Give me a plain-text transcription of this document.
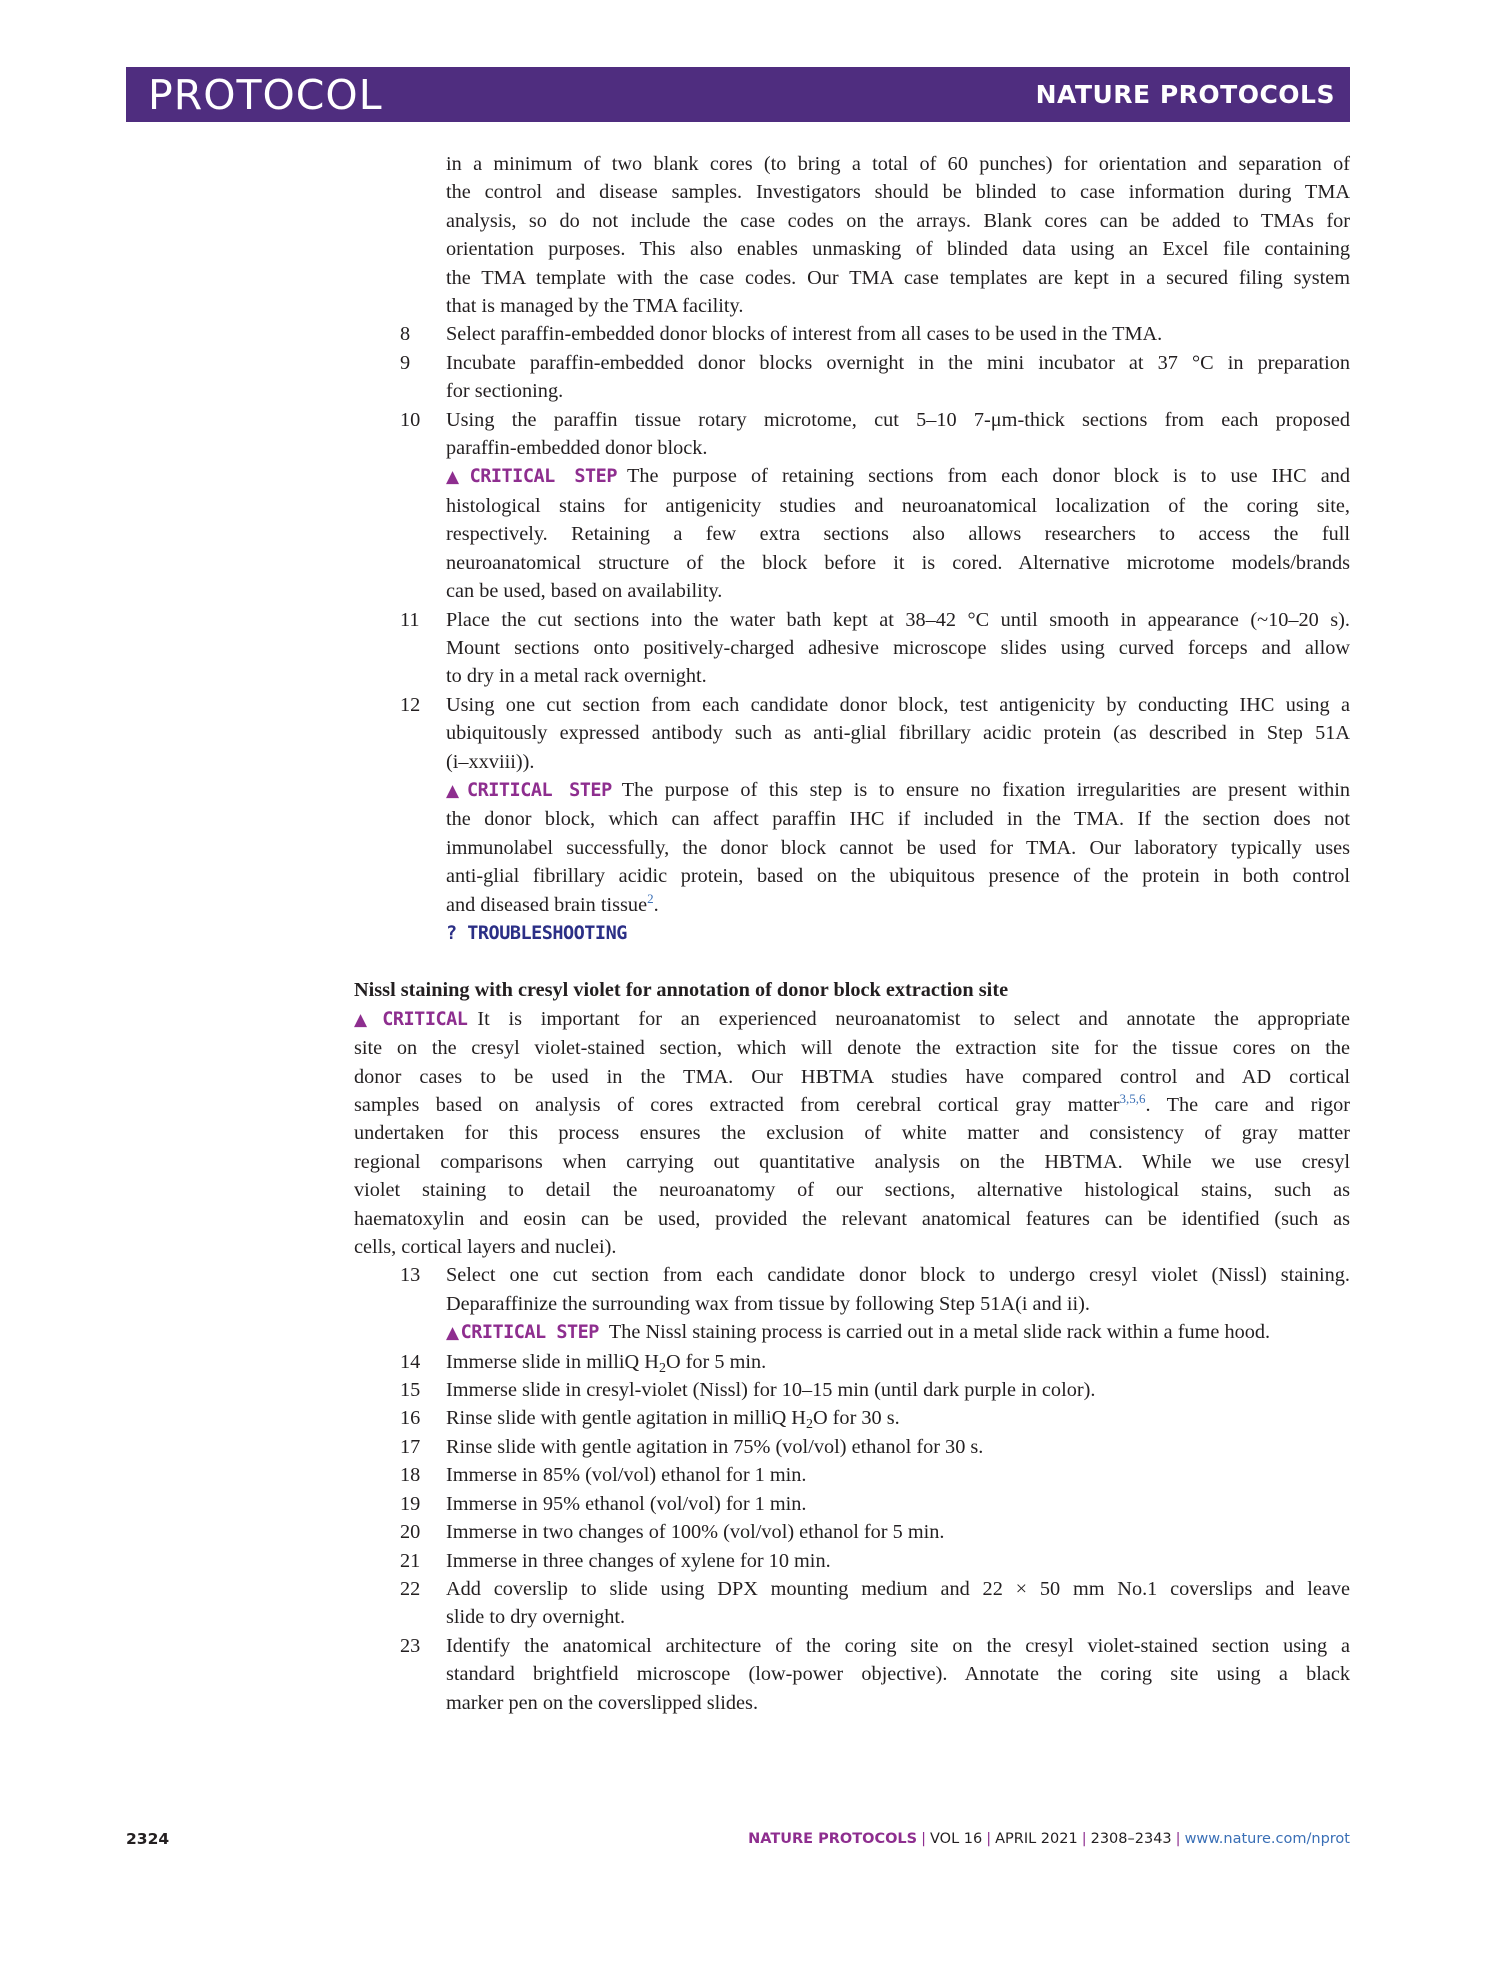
PROTOCOL	NATURE PROTOCOLS
in a minimum of two blank cores (to bring a total of 60 punches) for orientation and separation of
the control and disease samples. Investigators should be blinded to case information during TMA
analysis, so do not include the case codes on the arrays. Blank cores can be added to TMAs for
orientation purposes. This also enables unmasking of blinded data using an Excel file containing
the TMA template with the case codes. Our TMA case templates are kept in a secured filing system
that is managed by the TMA facility.
8	Select paraffin-embedded donor blocks of interest from all cases to be used in the TMA.
9	Incubate paraffin-embedded donor blocks overnight in the mini incubator at 37 °C in preparation
for sectioning.
10	Using the paraffin tissue rotary microtome, cut 5–10 7-μm-thick sections from each proposed
paraffin-embedded donor block.
▲ CRITICAL STEP The purpose of retaining sections from each donor block is to use IHC and
histological stains for antigenicity studies and neuroanatomical localization of the coring site,
respectively. Retaining a few extra sections also allows researchers to access the full
neuroanatomical structure of the block before it is cored. Alternative microtome models/brands
can be used, based on availability.
11	Place the cut sections into the water bath kept at 38–42 °C until smooth in appearance (~10–20 s).
Mount sections onto positively-charged adhesive microscope slides using curved forceps and allow
to dry in a metal rack overnight.
12	Using one cut section from each candidate donor block, test antigenicity by conducting IHC using a
ubiquitously expressed antibody such as anti-glial fibrillary acidic protein (as described in Step 51A
(i–xxviii)).
▲ CRITICAL STEP The purpose of this step is to ensure no fixation irregularities are present within
the donor block, which can affect paraffin IHC if included in the TMA. If the section does not
immunolabel successfully, the donor block cannot be used for TMA. Our laboratory typically uses
anti-glial fibrillary acidic protein, based on the ubiquitous presence of the protein in both control
and diseased brain tissue$^2$.
? TROUBLESHOOTING
Nissl staining with cresyl violet for annotation of donor block extraction site
▲ CRITICAL It is important for an experienced neuroanatomist to select and annotate the appropriate
site on the cresyl violet-stained section, which will denote the extraction site for the tissue cores on the
donor cases to be used in the TMA. Our HBTMA studies have compared control and AD cortical
samples based on analysis of cores extracted from cerebral cortical gray matter$^{3,5,6}$. The care and rigor
undertaken for this process ensures the exclusion of white matter and consistency of gray matter
regional comparisons when carrying out quantitative analysis on the HBTMA. While we use cresyl
violet staining to detail the neuroanatomy of our sections, alternative histological stains, such as
haematoxylin and eosin can be used, provided the relevant anatomical features can be identified (such as
cells, cortical layers and nuclei).
13	Select one cut section from each candidate donor block to undergo cresyl violet (Nissl) staining.
Deparaffinize the surrounding wax from tissue by following Step 51A(i and ii).
▲ CRITICAL STEP The Nissl staining process is carried out in a metal slide rack within a fume hood.
14	Immerse slide in milliQ $H_2O$ for 5 min.
15	Immerse slide in cresyl-violet (Nissl) for 10–15 min (until dark purple in color).
16	Rinse slide with gentle agitation in milliQ $H_2O$ for 30 s.
17	Rinse slide with gentle agitation in 75% (vol/vol) ethanol for 30 s.
18	Immerse in 85% (vol/vol) ethanol for 1 min.
19	Immerse in 95% ethanol (vol/vol) for 1 min.
20	Immerse in two changes of 100% (vol/vol) ethanol for 5 min.
21	Immerse in three changes of xylene for 10 min.
22	Add coverslip to slide using DPX mounting medium and 22 × 50 mm No.1 coverslips and leave
slide to dry overnight.
23	Identify the anatomical architecture of the coring site on the cresyl violet-stained section using a
standard brightfield microscope (low-power objective). Annotate the coring site using a black
marker pen on the coverslipped slides.
2324	NATURE PROTOCOLS | VOL 16 | APRIL 2021 | 2308–2343 | www.nature.com/nprot
